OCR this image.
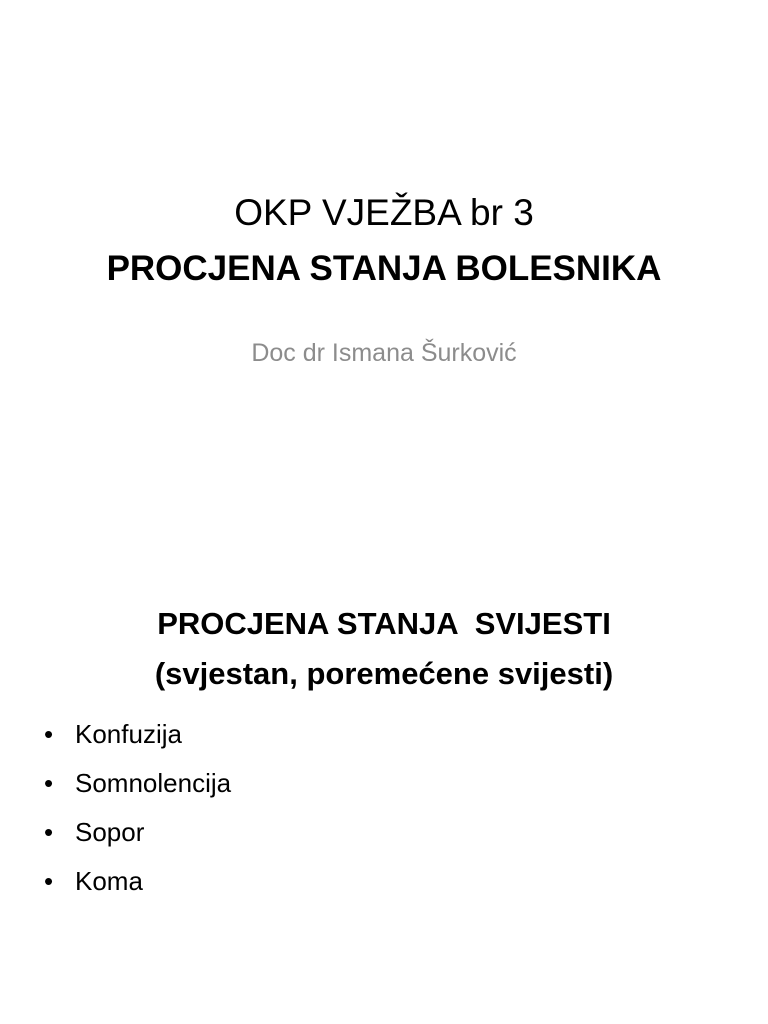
OKP VJEŽBA br 3
PROCJENA STANJA BOLESNIKA
Doc dr Ismana Šurković
PROCJENA STANJA  SVIJESTI
(svjestan, poremećene svijesti)
• Konfuzija
• Somnolencija
• Sopor
• Koma
